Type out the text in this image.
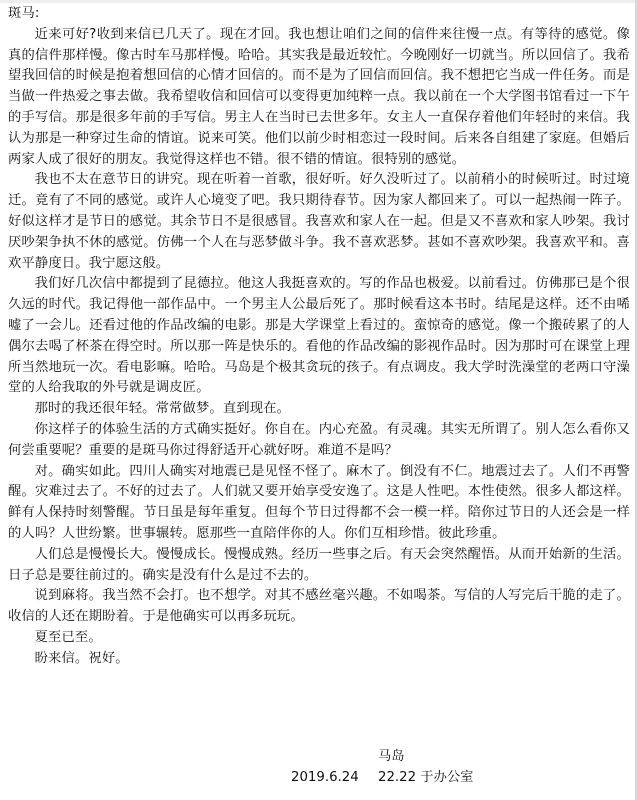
斑马:

近来可好?收到来信已几天了。现在才回。我也想让咱们之间的信件来往慢一点。有等待的感觉。像真的信件那样慢。像古时车马那样慢。哈哈。其实我是最近较忙。今晚刚好一切就当。所以回信了。我希望我回信的时候是抱着想回信的心情才回信的。而不是为了回信而回信。我不想把它当成一件任务。而是当做一件热爱之事去做。我希望收信和回信可以变得更加纯粹一点。我以前在一个大学图书馆看过一下午的手写信。那是很多年前的手写信。男主人在当时已去世多年。女主人一直保存着他们年轻时的来信。我认为那是一种穿过生命的情谊。说来可笑。他们以前少时相恋过一段时间。后来各自组建了家庭。但婚后两家人成了很好的朋友。我觉得这样也不错。很不错的情谊。很特别的感觉。

我也不太在意节日的讲究。现在听着一首歌，很好听。好久没听过了。以前稍小的时候听过。时过境迁。竟有了不同的感觉。或许人心境变了吧。我只期待春节。因为家人都回来了。可以一起热闹一阵子。好似这样才是节日的感觉。其余节日不是很感冒。我喜欢和家人在一起。但是又不喜欢和家人吵架。我讨厌吵架争执不休的感觉。仿佛一个人在与恶梦做斗争。我不喜欢恶梦。甚如不喜欢吵架。我喜欢平和。喜欢平静度日。我宁愿这般。

我们好几次信中都提到了昆德拉。他这人我挺喜欢的。写的作品也极爱。以前看过。仿佛那已是个很久远的时代。我记得他一部作品中。一个男主人公最后死了。那时候看这本书时。结尾是这样。还不由唏嘘了一会儿。还看过他的作品改编的电影。那是大学课堂上看过的。蛮惊奇的感觉。像一个搬砖累了的人偶尔去喝了杯茶在得空时。所以那一阵是快乐的。看他的作品改编的影视作品时。因为那时可在课堂上理所当然地玩一次。看电影嘛。哈哈。马岛是个极其贪玩的孩子。有点调皮。我大学时洗澡堂的老两口守澡堂的人给我取的外号就是调皮匠。

那时的我还很年轻。常常做梦。直到现在。

你这样子的体验生活的方式确实挺好。你自在。内心充盈。有灵魂。其实无所谓了。别人怎么看你又何尝重要呢？重要的是斑马你过得舒适开心就好呀。难道不是吗？

对。确实如此。四川人确实对地震已是见怪不怪了。麻木了。倒没有不仁。地震过去了。人们不再警醒。灾难过去了。不好的过去了。人们就又要开始享受安逸了。这是人性吧。本性使然。很多人都这样。鲜有人保持时刻警醒。节日虽是每年重复。但每个节日过得都不会一模一样。陪你过节日的人还会是一样的人吗？人世纷繁。世事辗转。愿那些一直陪伴你的人。你们互相珍惜。彼此珍重。

人们总是慢慢长大。慢慢成长。慢慢成熟。经历一些事之后。有天会突然醒悟。从而开始新的生活。日子总是要往前过的。确实是没有什么是过不去的。

说到麻将。我当然不会打。也不想学。对其不感丝毫兴趣。不如喝茶。写信的人写完后干脆的走了。收信的人还在期盼着。于是他确实可以再多玩玩。

夏至已至。

盼来信。祝好。

马岛
2019.6.24 22.22 于办公室
